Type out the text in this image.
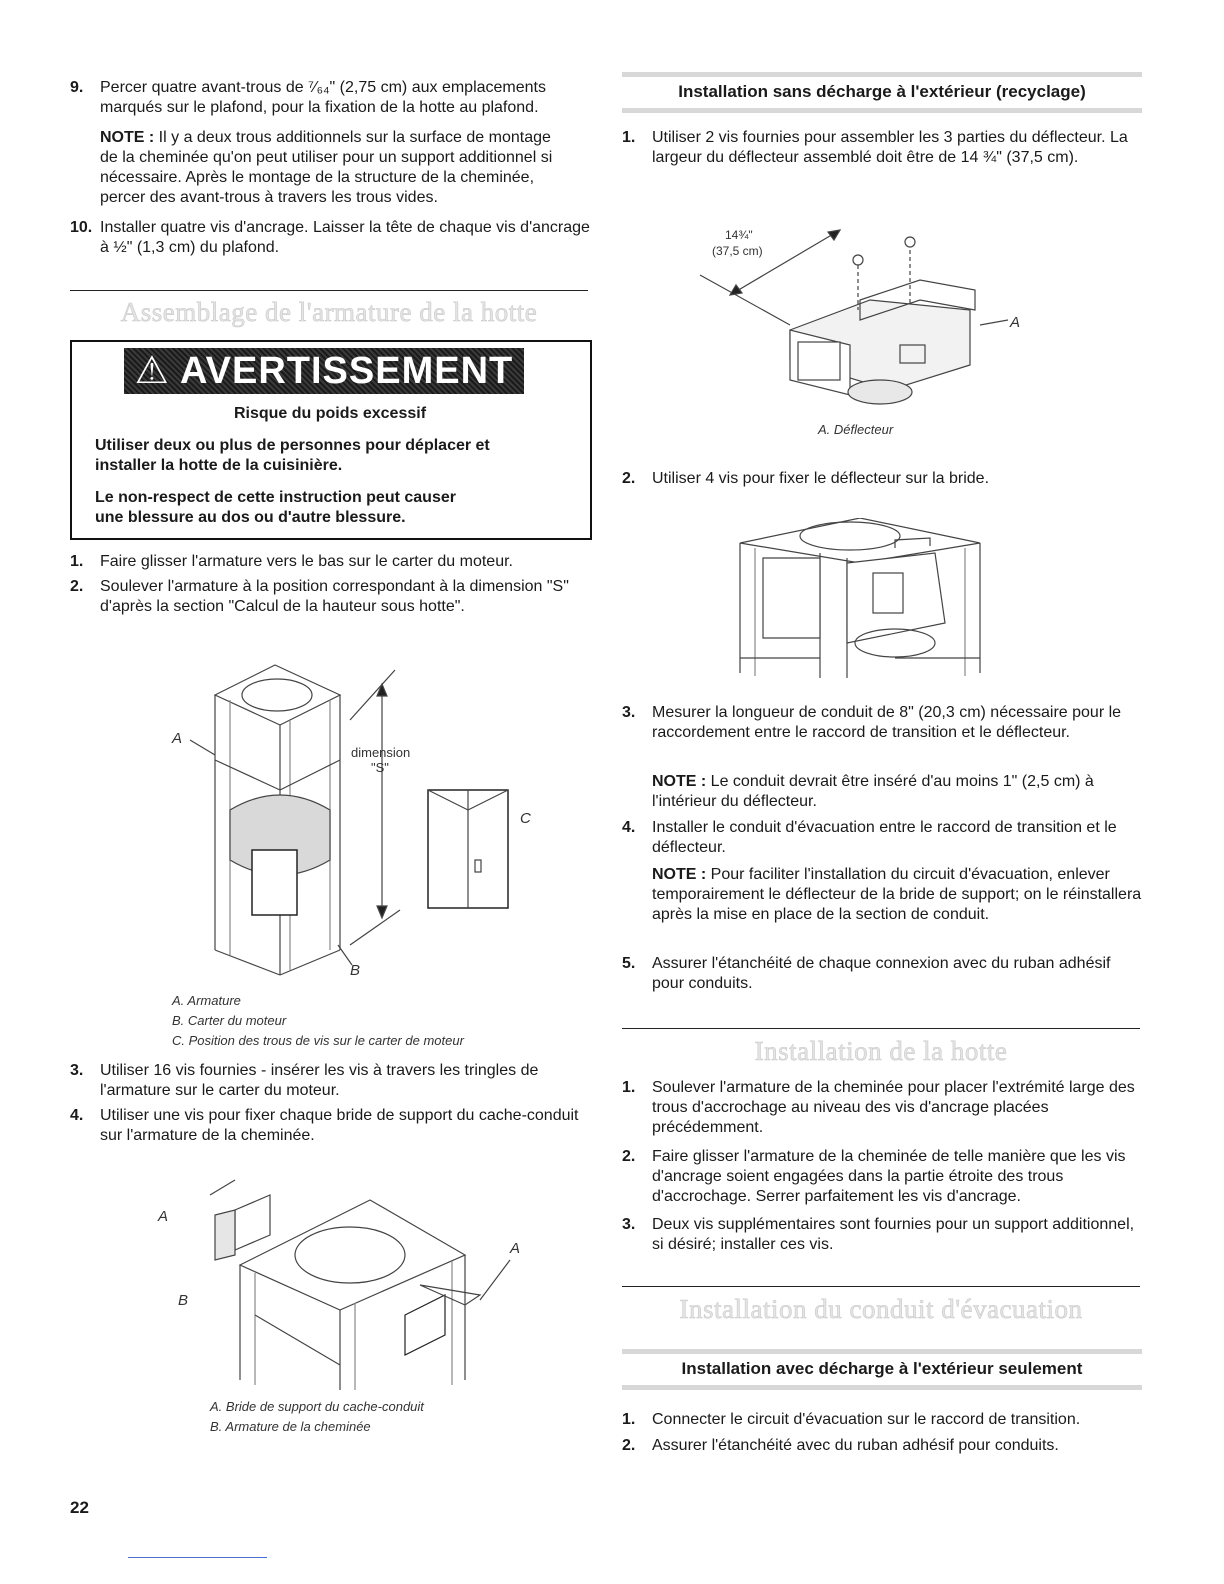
9. Percer quatre avant-trous de ⁷⁄₆₄" (2,75 cm) aux emplacements marqués sur le plafond, pour la fixation de la hotte au plafond.
NOTE : Il y a deux trous additionnels sur la surface de montage de la cheminée qu'on peut utiliser pour un support additionnel si nécessaire. Après le montage de la structure de la cheminée, percer des avant-trous à travers les trous vides.
10. Installer quatre vis d'ancrage. Laisser la tête de chaque vis d'ancrage à ½" (1,3 cm) du plafond.
Assemblage de l'armature de la hotte
⚠ AVERTISSEMENT
Risque du poids excessif
Utiliser deux ou plus de personnes pour déplacer et
installer la hotte de la cuisinière.
Le non-respect de cette instruction peut causer
une blessure au dos ou d'autre blessure.
1. Faire glisser l'armature vers le bas sur le carter du moteur.
2. Soulever l'armature à la position correspondant à la dimension "S" d'après la section "Calcul de la hauteur sous hotte".
A
B
C
dimension
"S"
A. Armature
B. Carter du moteur
C. Position des trous de vis sur le carter de moteur
3. Utiliser 16 vis fournies - insérer les vis à travers les tringles de l'armature sur le carter du moteur.
4. Utiliser une vis pour fixer chaque bride de support du cache-conduit sur l'armature de la cheminée.
A
A
B
A. Bride de support du cache-conduit
B. Armature de la cheminée
22
Installation sans décharge à l'extérieur (recyclage)
1. Utiliser 2 vis fournies pour assembler les 3 parties du déflecteur. La largeur du déflecteur assemblé doit être de 14 ¾" (37,5 cm).
14¾"
(37,5 cm)
A
A. Déflecteur
2. Utiliser 4 vis pour fixer le déflecteur sur la bride.
3. Mesurer la longueur de conduit de 8" (20,3 cm) nécessaire pour le raccordement entre le raccord de transition et le déflecteur.
NOTE : Le conduit devrait être inséré d'au moins 1" (2,5 cm) à l'intérieur du déflecteur.
4. Installer le conduit d'évacuation entre le raccord de transition et le déflecteur.
NOTE : Pour faciliter l'installation du circuit d'évacuation, enlever temporairement le déflecteur de la bride de support; on le réinstallera après la mise en place de la section de conduit.
5. Assurer l'étanchéité de chaque connexion avec du ruban adhésif pour conduits.
Installation de la hotte
1. Soulever l'armature de la cheminée pour placer l'extrémité large des trous d'accrochage au niveau des vis d'ancrage placées précédemment.
2. Faire glisser l'armature de la cheminée de telle manière que les vis d'ancrage soient engagées dans la partie étroite des trous d'accrochage. Serrer parfaitement les vis d'ancrage.
3. Deux vis supplémentaires sont fournies pour un support additionnel, si désiré; installer ces vis.
Installation du conduit d'évacuation
Installation avec décharge à l'extérieur seulement
1. Connecter le circuit d'évacuation sur le raccord de transition.
2. Assurer l'étanchéité avec du ruban adhésif pour conduits.
